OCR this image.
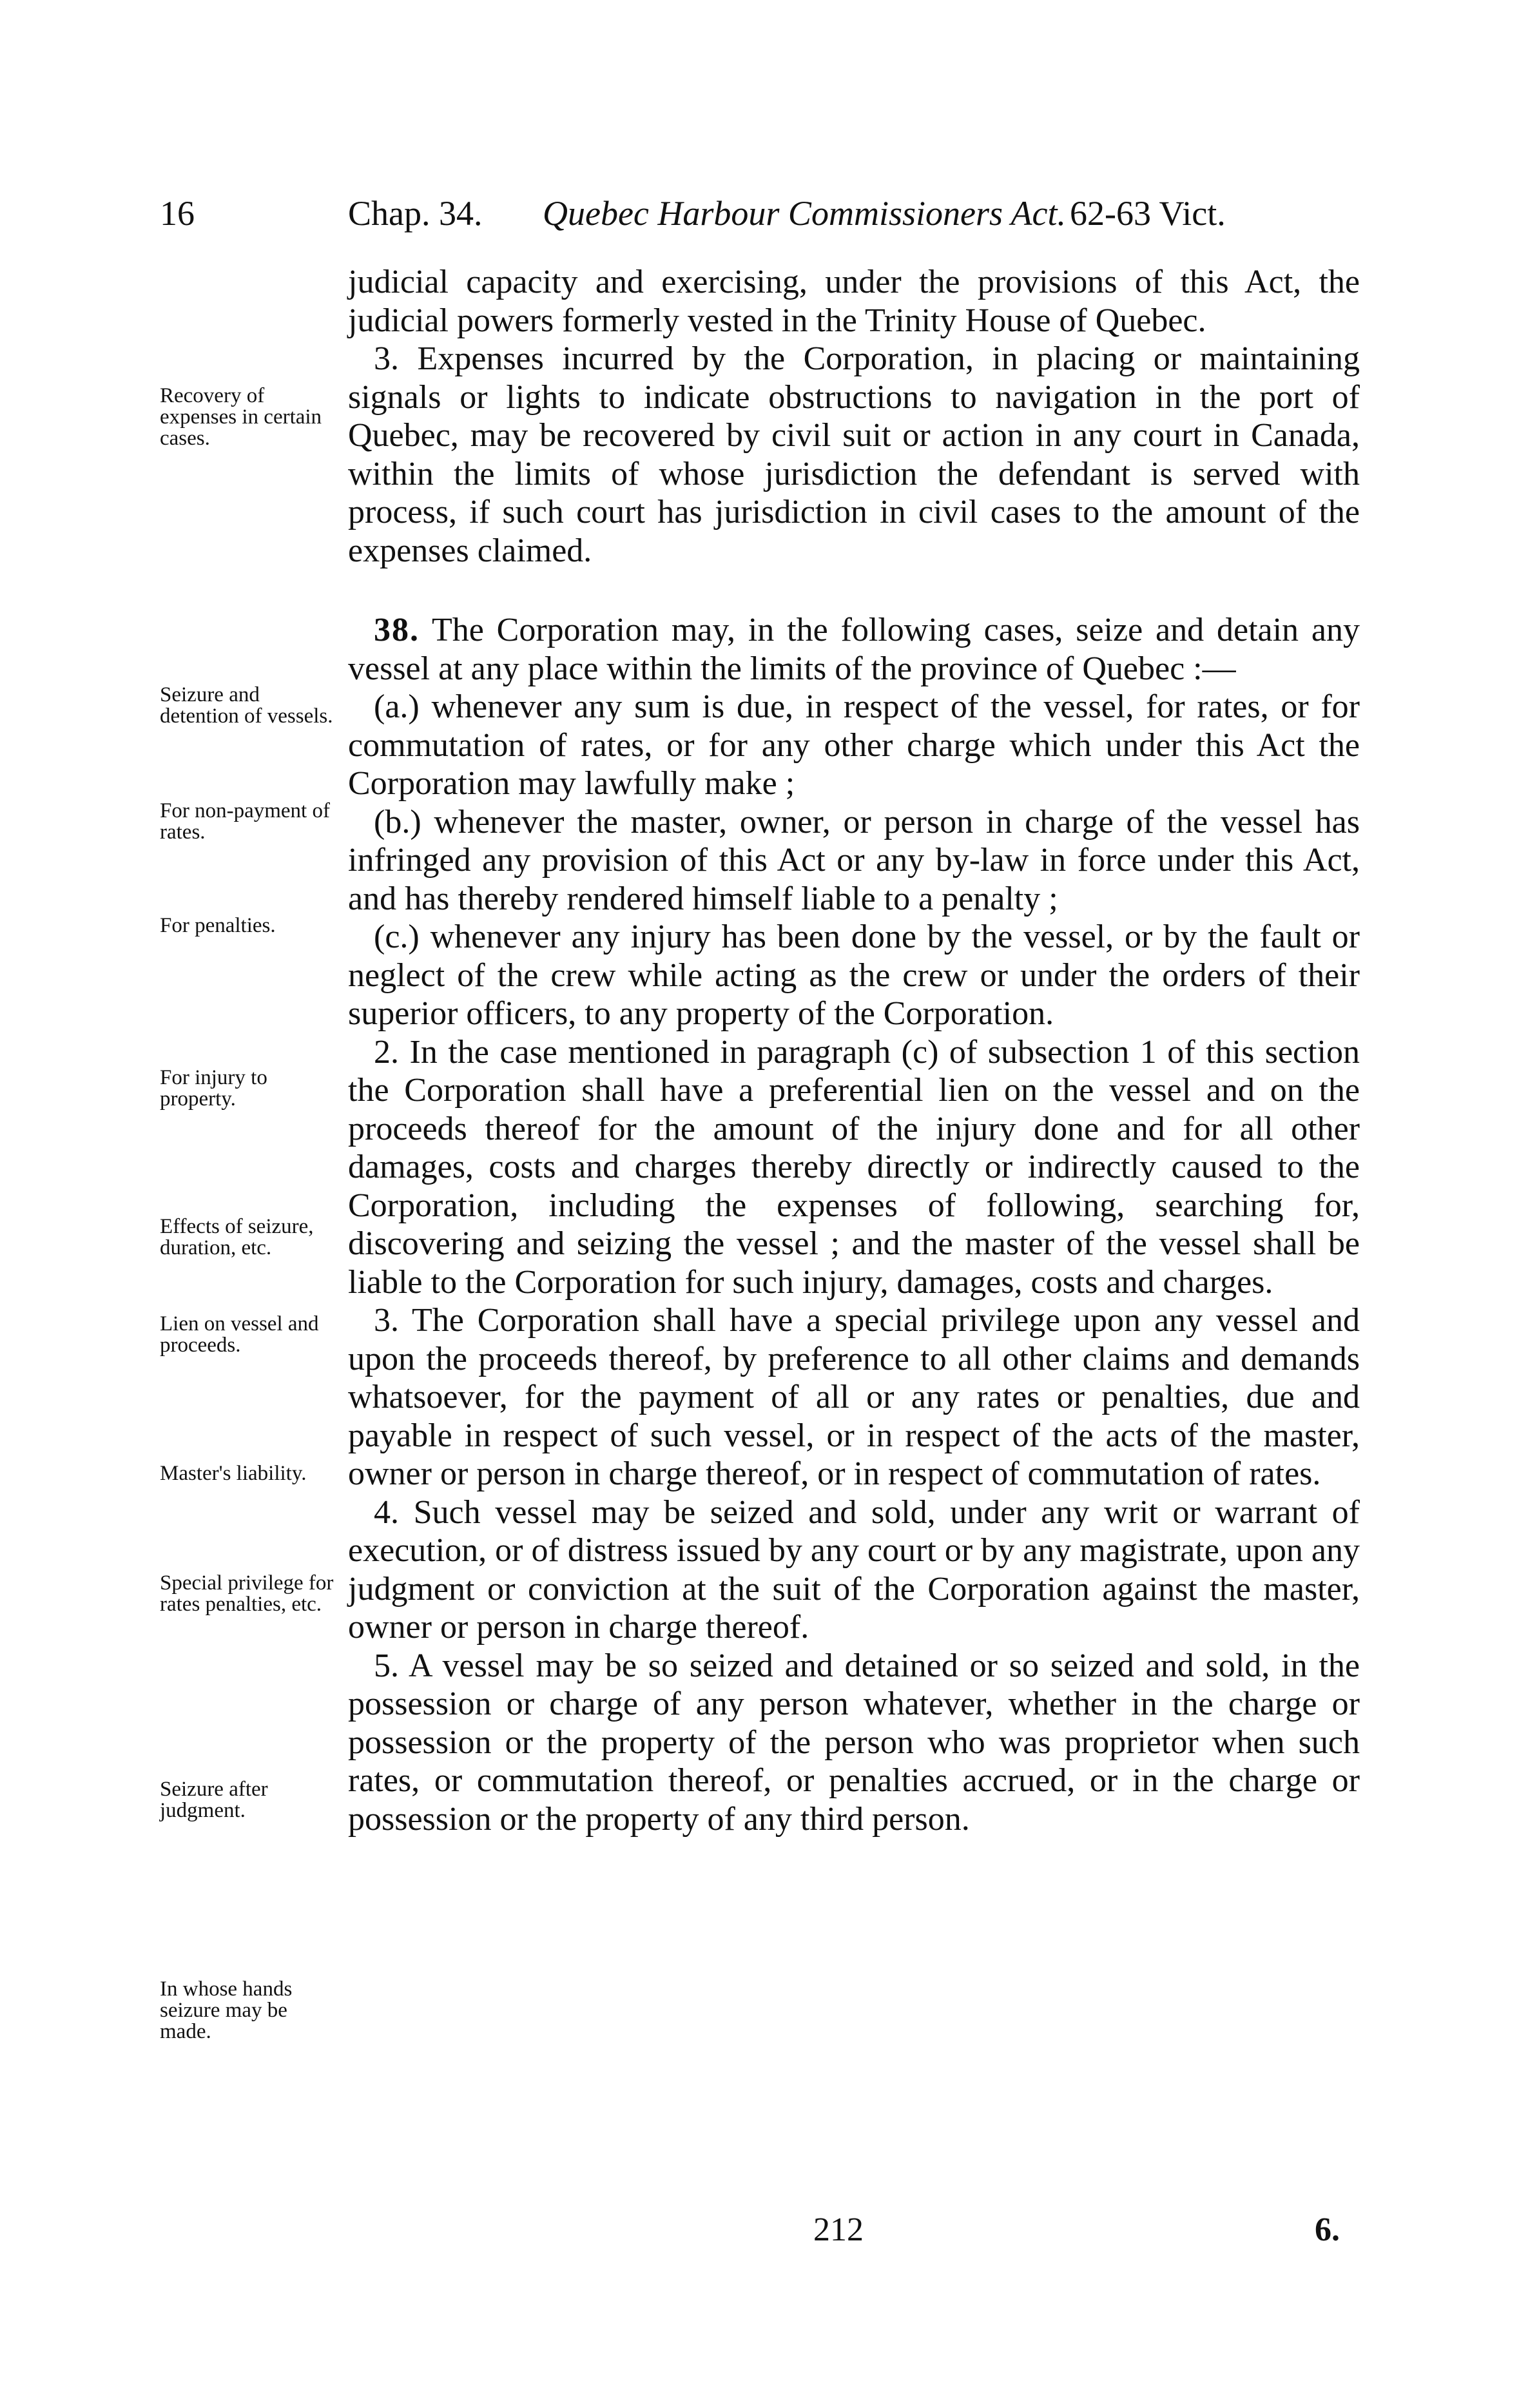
16	Chap. 34. Quebec Harbour Commissioners Act. 62-63 Vict.
Recovery of expenses in certain cases.
Seizure and detention of vessels.
For non-payment of rates.
For penalties.
For injury to property.
Effects of seizure, duration, etc.
Lien on vessel and proceeds.
Master's liability.
Special privilege for rates penalties, etc.
Seizure after judgment.
In whose hands seizure may be made.

judicial capacity and exercising, under the provisions of this Act, the judicial powers formerly vested in the Trinity House of Quebec.

3. Expenses incurred by the Corporation, in placing or maintaining signals or lights to indicate obstructions to navigation in the port of Quebec, may be recovered by civil suit or action in any court in Canada, within the limits of whose jurisdiction the defendant is served with process, if such court has jurisdiction in civil cases to the amount of the expenses claimed.

38. The Corporation may, in the following cases, seize and detain any vessel at any place within the limits of the province of Quebec :—

(a.) whenever any sum is due, in respect of the vessel, for rates, or for commutation of rates, or for any other charge which under this Act the Corporation may lawfully make ;

(b.) whenever the master, owner, or person in charge of the vessel has infringed any provision of this Act or any by-law in force under this Act, and has thereby rendered himself liable to a penalty ;

(c.) whenever any injury has been done by the vessel, or by the fault or neglect of the crew while acting as the crew or under the orders of their superior officers, to any property of the Corporation.

2. In the case mentioned in paragraph (c) of subsection 1 of this section the Corporation shall have a preferential lien on the vessel and on the proceeds thereof for the amount of the injury done and for all other damages, costs and charges thereby directly or indirectly caused to the Corporation, including the expenses of following, searching for, discovering and seizing the vessel ; and the master of the vessel shall be liable to the Corporation for such injury, damages, costs and charges.

3. The Corporation shall have a special privilege upon any vessel and upon the proceeds thereof, by preference to all other claims and demands whatsoever, for the payment of all or any rates or penalties, due and payable in respect of such vessel, or in respect of the acts of the master, owner or person in charge thereof, or in respect of commutation of rates.

4. Such vessel may be seized and sold, under any writ or warrant of execution, or of distress issued by any court or by any magistrate, upon any judgment or conviction at the suit of the Corporation against the master, owner or person in charge thereof.

5. A vessel may be so seized and detained or so seized and sold, in the possession or charge of any person whatever, whether in the charge or possession or the property of the person who was proprietor when such rates, or commutation thereof, or penalties accrued, or in the charge or possession or the property of any third person.

212	6.
